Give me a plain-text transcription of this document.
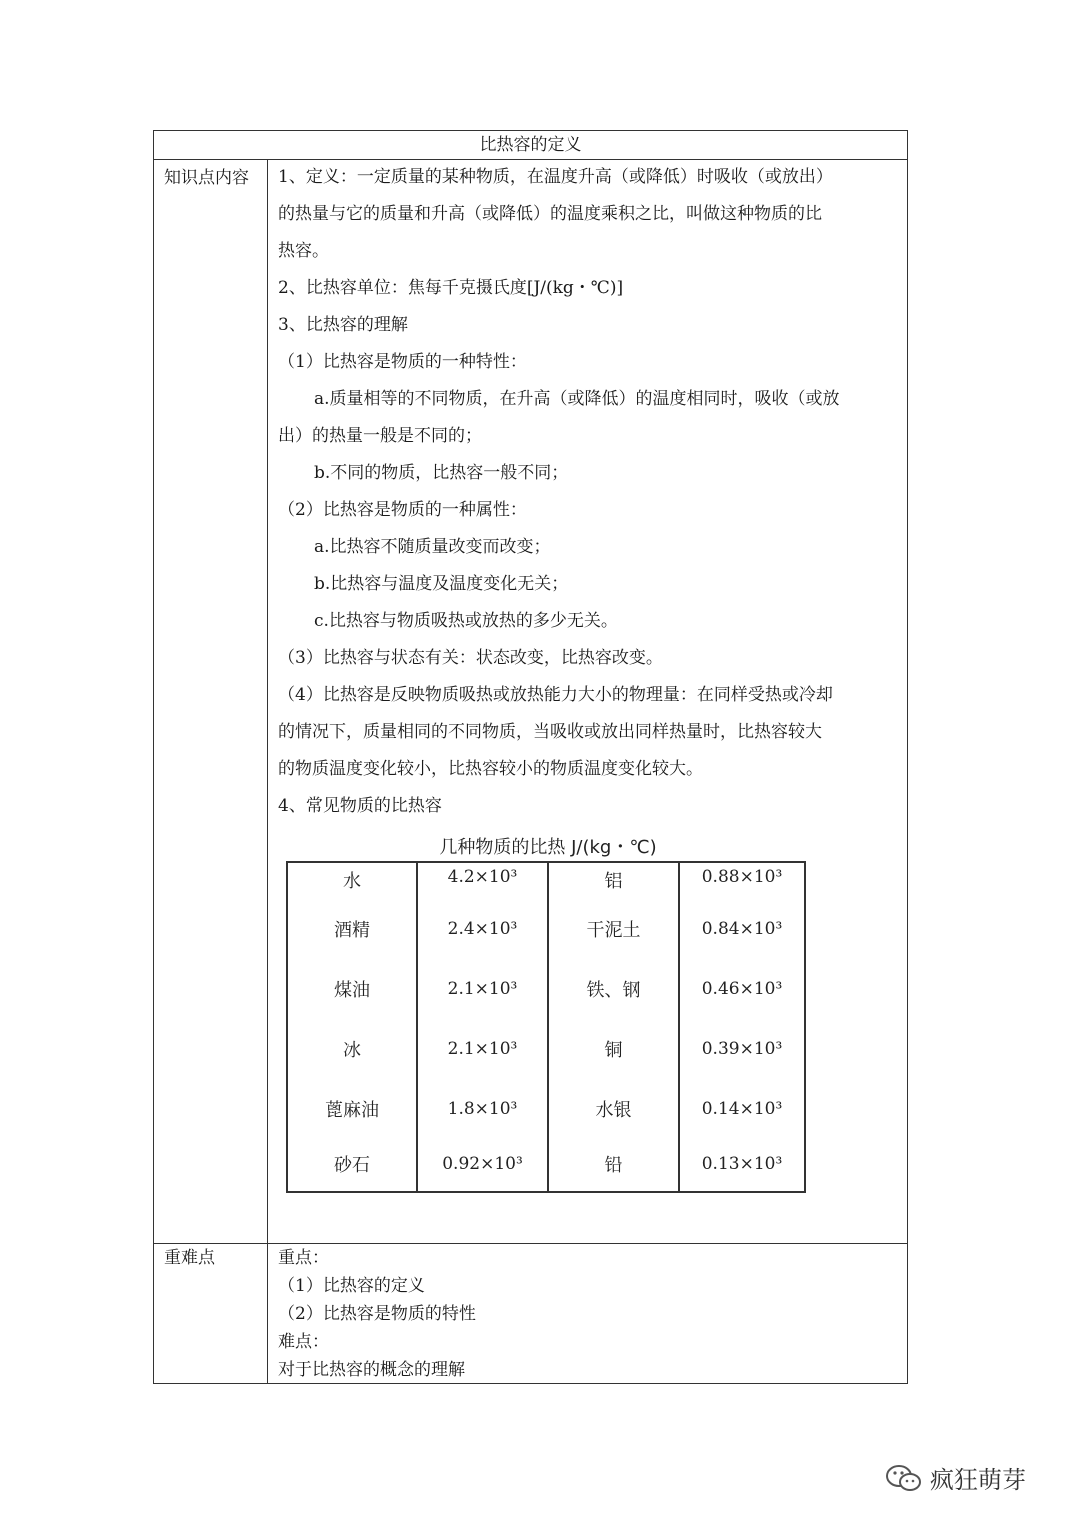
比热容的定义
知识点内容	1、定义：一定质量的某种物质，在温度升高（或降低）时吸收（或放出）

的热量与它的质量和升高（或降低）的温度乘积之比，叫做这种物质的比

热容。

2、比热容单位：焦每千克摄氏度[J/(kg・℃)]

3、比热容的理解

（1）比热容是物质的一种特性：

a.质量相等的不同物质，在升高（或降低）的温度相同时，吸收（或放

出）的热量一般是不同的；

b.不同的物质，比热容一般不同；

（2）比热容是物质的一种属性：

a.比热容不随质量改变而改变；

b.比热容与温度及温度变化无关；

c.比热容与物质吸热或放热的多少无关。

（3）比热容与状态有关：状态改变，比热容改变。

（4）比热容是反映物质吸热或放热能力大小的物理量：在同样受热或冷却

的情况下，质量相同的不同物质，当吸收或放出同样热量时，比热容较大

的物质温度变化较小，比热容较小的物质温度变化较大。

4、常见物质的比热容

几种物质的比热 J/(kg・℃)
水
酒精
煤油
冰
蓖麻油
砂石
4.2×10³
2.4×10³
2.1×10³
2.1×10³
1.8×10³
0.92×10³
铝
干泥土
铁、钢
铜
水银
铅
0.88×10³
0.84×10³
0.46×10³
0.39×10³
0.14×10³
0.13×10³
重难点	重点：

（1）比热容的定义

（2）比热容是物质的特性

难点：

对于比热容的概念的理解

疯狂萌芽
